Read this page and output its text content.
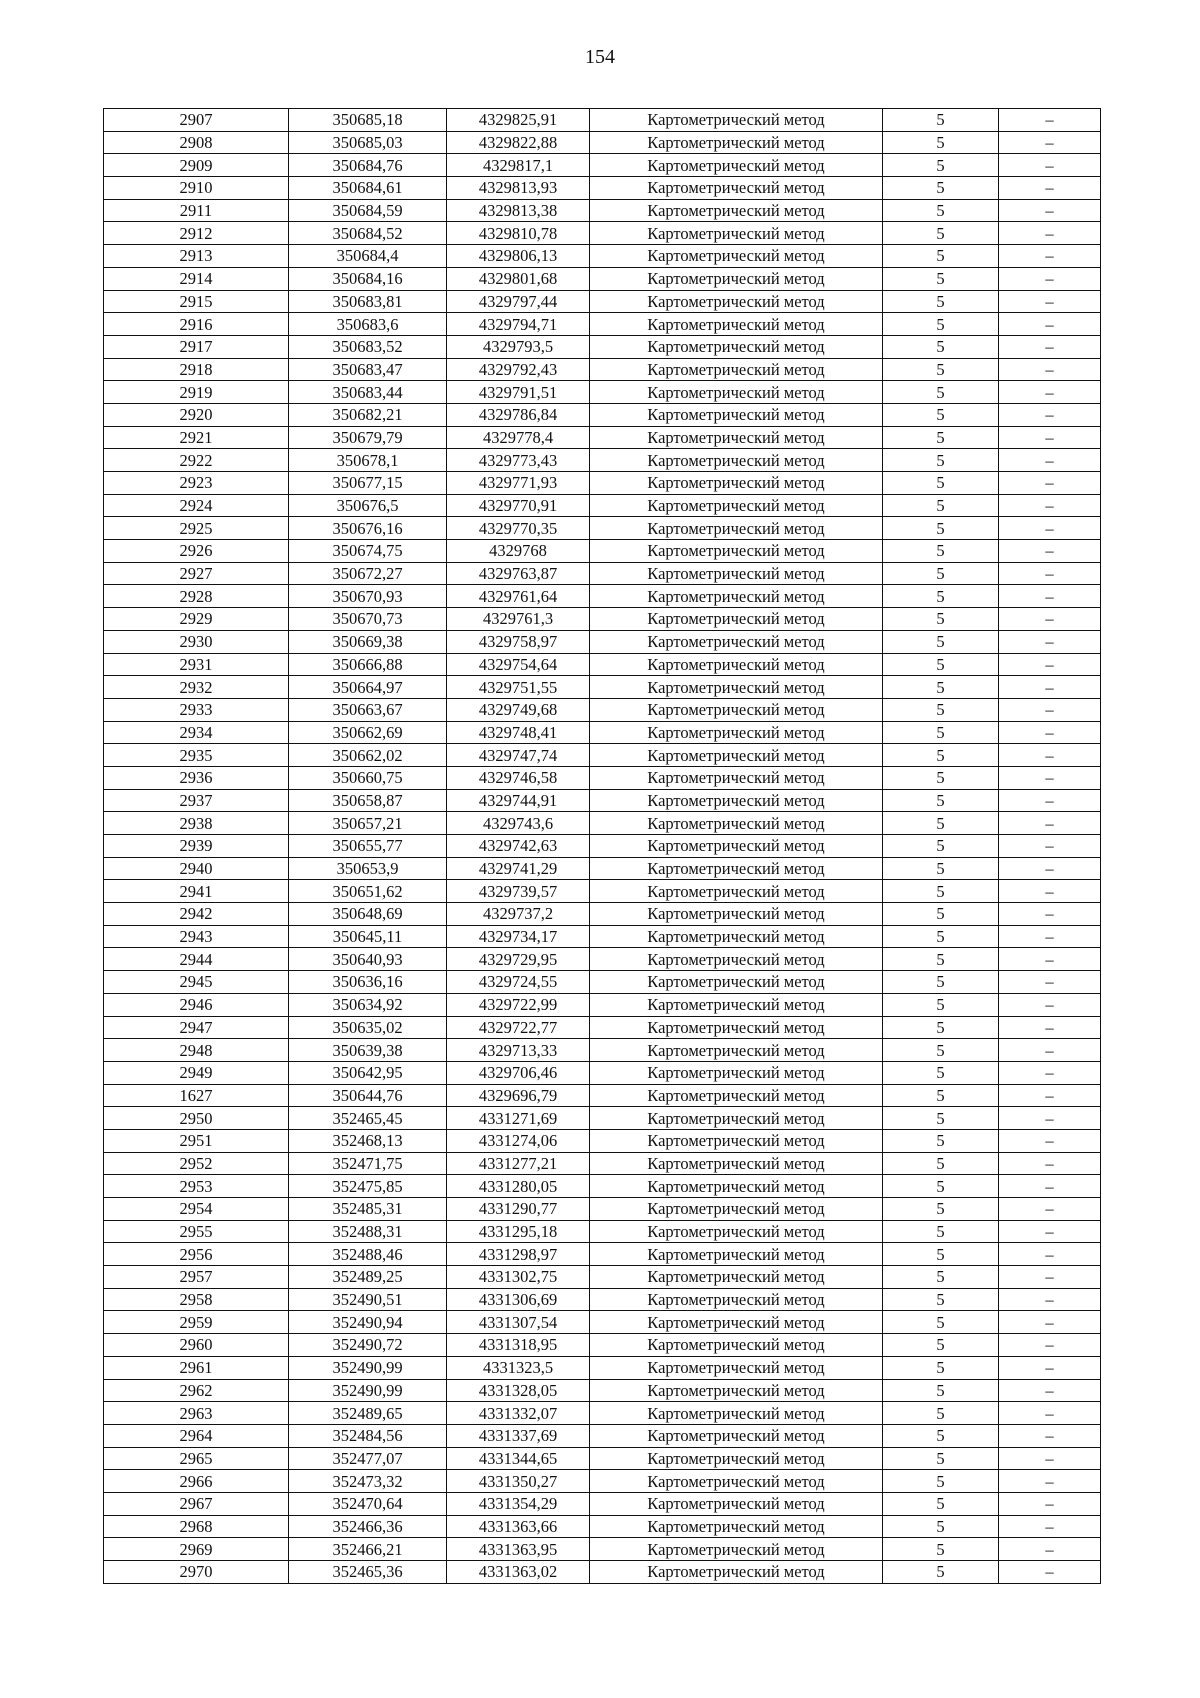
154
2907	350685,18	4329825,91	Картометрический метод	5	–
2908	350685,03	4329822,88	Картометрический метод	5	–
2909	350684,76	4329817,1	Картометрический метод	5	–
2910	350684,61	4329813,93	Картометрический метод	5	–
2911	350684,59	4329813,38	Картометрический метод	5	–
2912	350684,52	4329810,78	Картометрический метод	5	–
2913	350684,4	4329806,13	Картометрический метод	5	–
2914	350684,16	4329801,68	Картометрический метод	5	–
2915	350683,81	4329797,44	Картометрический метод	5	–
2916	350683,6	4329794,71	Картометрический метод	5	–
2917	350683,52	4329793,5	Картометрический метод	5	–
2918	350683,47	4329792,43	Картометрический метод	5	–
2919	350683,44	4329791,51	Картометрический метод	5	–
2920	350682,21	4329786,84	Картометрический метод	5	–
2921	350679,79	4329778,4	Картометрический метод	5	–
2922	350678,1	4329773,43	Картометрический метод	5	–
2923	350677,15	4329771,93	Картометрический метод	5	–
2924	350676,5	4329770,91	Картометрический метод	5	–
2925	350676,16	4329770,35	Картометрический метод	5	–
2926	350674,75	4329768	Картометрический метод	5	–
2927	350672,27	4329763,87	Картометрический метод	5	–
2928	350670,93	4329761,64	Картометрический метод	5	–
2929	350670,73	4329761,3	Картометрический метод	5	–
2930	350669,38	4329758,97	Картометрический метод	5	–
2931	350666,88	4329754,64	Картометрический метод	5	–
2932	350664,97	4329751,55	Картометрический метод	5	–
2933	350663,67	4329749,68	Картометрический метод	5	–
2934	350662,69	4329748,41	Картометрический метод	5	–
2935	350662,02	4329747,74	Картометрический метод	5	–
2936	350660,75	4329746,58	Картометрический метод	5	–
2937	350658,87	4329744,91	Картометрический метод	5	–
2938	350657,21	4329743,6	Картометрический метод	5	–
2939	350655,77	4329742,63	Картометрический метод	5	–
2940	350653,9	4329741,29	Картометрический метод	5	–
2941	350651,62	4329739,57	Картометрический метод	5	–
2942	350648,69	4329737,2	Картометрический метод	5	–
2943	350645,11	4329734,17	Картометрический метод	5	–
2944	350640,93	4329729,95	Картометрический метод	5	–
2945	350636,16	4329724,55	Картометрический метод	5	–
2946	350634,92	4329722,99	Картометрический метод	5	–
2947	350635,02	4329722,77	Картометрический метод	5	–
2948	350639,38	4329713,33	Картометрический метод	5	–
2949	350642,95	4329706,46	Картометрический метод	5	–
1627	350644,76	4329696,79	Картометрический метод	5	–
2950	352465,45	4331271,69	Картометрический метод	5	–
2951	352468,13	4331274,06	Картометрический метод	5	–
2952	352471,75	4331277,21	Картометрический метод	5	–
2953	352475,85	4331280,05	Картометрический метод	5	–
2954	352485,31	4331290,77	Картометрический метод	5	–
2955	352488,31	4331295,18	Картометрический метод	5	–
2956	352488,46	4331298,97	Картометрический метод	5	–
2957	352489,25	4331302,75	Картометрический метод	5	–
2958	352490,51	4331306,69	Картометрический метод	5	–
2959	352490,94	4331307,54	Картометрический метод	5	–
2960	352490,72	4331318,95	Картометрический метод	5	–
2961	352490,99	4331323,5	Картометрический метод	5	–
2962	352490,99	4331328,05	Картометрический метод	5	–
2963	352489,65	4331332,07	Картометрический метод	5	–
2964	352484,56	4331337,69	Картометрический метод	5	–
2965	352477,07	4331344,65	Картометрический метод	5	–
2966	352473,32	4331350,27	Картометрический метод	5	–
2967	352470,64	4331354,29	Картометрический метод	5	–
2968	352466,36	4331363,66	Картометрический метод	5	–
2969	352466,21	4331363,95	Картометрический метод	5	–
2970	352465,36	4331363,02	Картометрический метод	5	–
